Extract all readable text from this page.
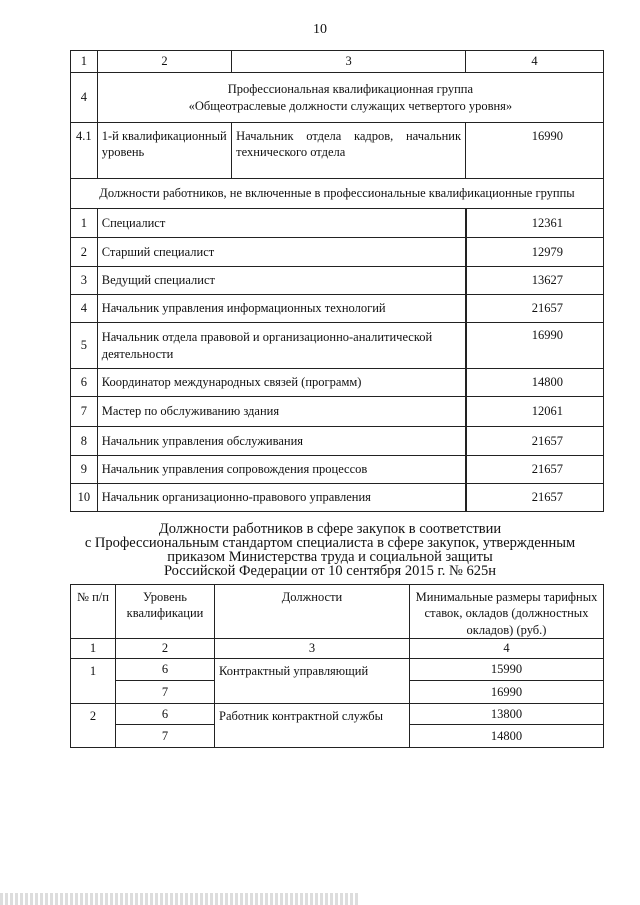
10
1	2	3	4
4	Профессиональная квалификационная группа
«Общеотраслевые должности служащих четвертого уровня»		

4.1	1-й квалификационный уровень	Начальник отдела кадров, начальник технического отдела	16990
Должности работников, не включенные в профессиональные квалификационные группы			
1	Специалист		12361
2	Старший специалист		12979
3	Ведущий специалист		13627
4	Начальник управления информационных технологий		21657
5	Начальник отдела правовой и организационно-аналитической деятельности		16990
6	Координатор международных связей (программ)		14800
7	Мастер по обслуживанию здания		12061
8	Начальник управления обслуживания		21657
9	Начальник управления сопровождения процессов		21657
10	Начальник организационно-правового управления		21657
Должности работников в сфере закупок в соответствии
с Профессиональным стандартом специалиста в сфере закупок, утвержденным
приказом Министерства труда и социальной защиты
Российской Федерации от 10 сентября 2015 г. № 625н
№ п/п	Уровень квалификации	Должности	Минимальные размеры тарифных ставок, окладов (должностных окладов) (руб.)
1	2	3	4
1	6	Контрактный управляющий	15990
	7		16990
2	6	Работник контрактной службы	13800
	7		14800
